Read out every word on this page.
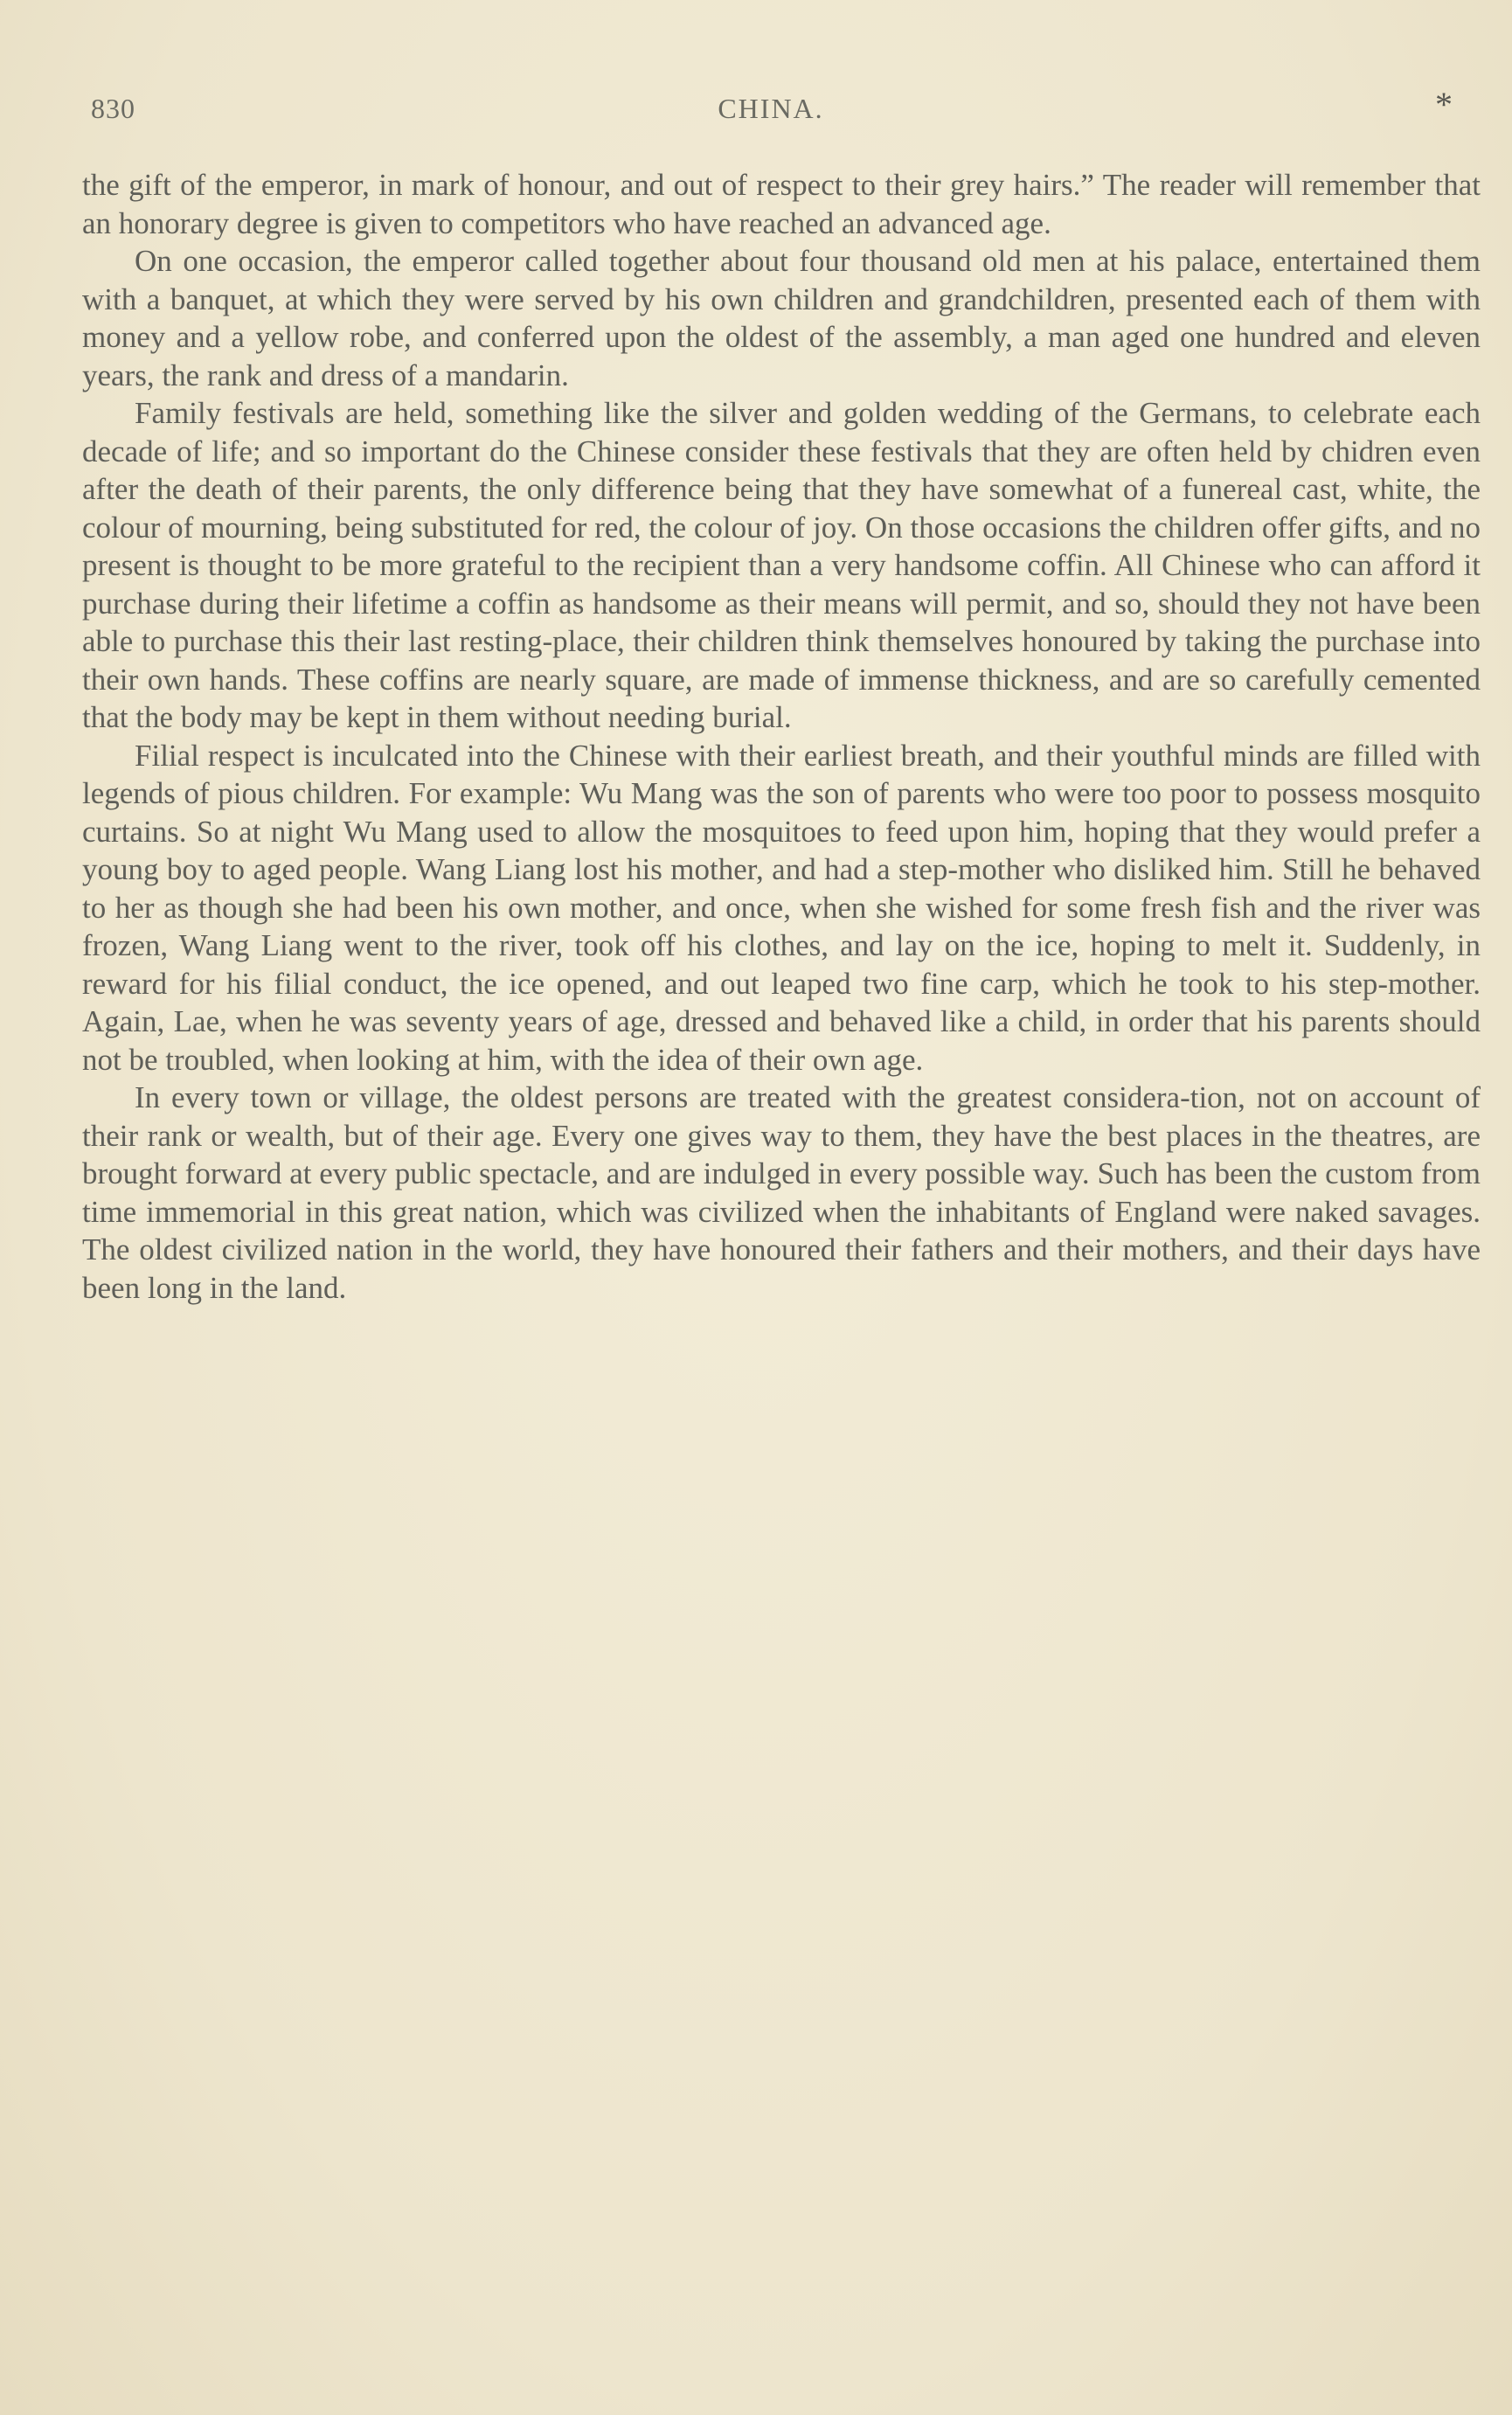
830	CHINA.	*

the gift of the emperor, in mark of honour, and out of respect to their grey hairs.” The reader will remember that an honorary degree is given to competitors who have reached an advanced age.

On one occasion, the emperor called together about four thousand old men at his palace, entertained them with a banquet, at which they were served by his own children and grandchildren, presented each of them with money and a yellow robe, and conferred upon the oldest of the assembly, a man aged one hundred and eleven years, the rank and dress of a mandarin.

Family festivals are held, something like the silver and golden wedding of the Germans, to celebrate each decade of life; and so important do the Chinese consider these festivals that they are often held by chidren even after the death of their parents, the only difference being that they have somewhat of a funereal cast, white, the colour of mourning, being substituted for red, the colour of joy. On those occasions the children offer gifts, and no present is thought to be more grateful to the recipient than a very handsome coffin. All Chinese who can afford it purchase during their lifetime a coffin as handsome as their means will permit, and so, should they not have been able to purchase this their last resting-place, their children think themselves honoured by taking the purchase into their own hands. These coffins are nearly square, are made of immense thickness, and are so carefully cemented that the body may be kept in them without needing burial.

Filial respect is inculcated into the Chinese with their earliest breath, and their youthful minds are filled with legends of pious children. For example: Wu Mang was the son of parents who were too poor to possess mosquito curtains. So at night Wu Mang used to allow the mosquitoes to feed upon him, hoping that they would prefer a young boy to aged people. Wang Liang lost his mother, and had a step-mother who disliked him. Still he behaved to her as though she had been his own mother, and once, when she wished for some fresh fish and the river was frozen, Wang Liang went to the river, took off his clothes, and lay on the ice, hoping to melt it. Suddenly, in reward for his filial conduct, the ice opened, and out leaped two fine carp, which he took to his step-mother. Again, Lae, when he was seventy years of age, dressed and behaved like a child, in order that his parents should not be troubled, when looking at him, with the idea of their own age.

In every town or village, the oldest persons are treated with the greatest considera-tion, not on account of their rank or wealth, but of their age. Every one gives way to them, they have the best places in the theatres, are brought forward at every public spectacle, and are indulged in every possible way. Such has been the custom from time immemorial in this great nation, which was civilized when the inhabitants of England were naked savages. The oldest civilized nation in the world, they have honoured their fathers and their mothers, and their days have been long in the land.
